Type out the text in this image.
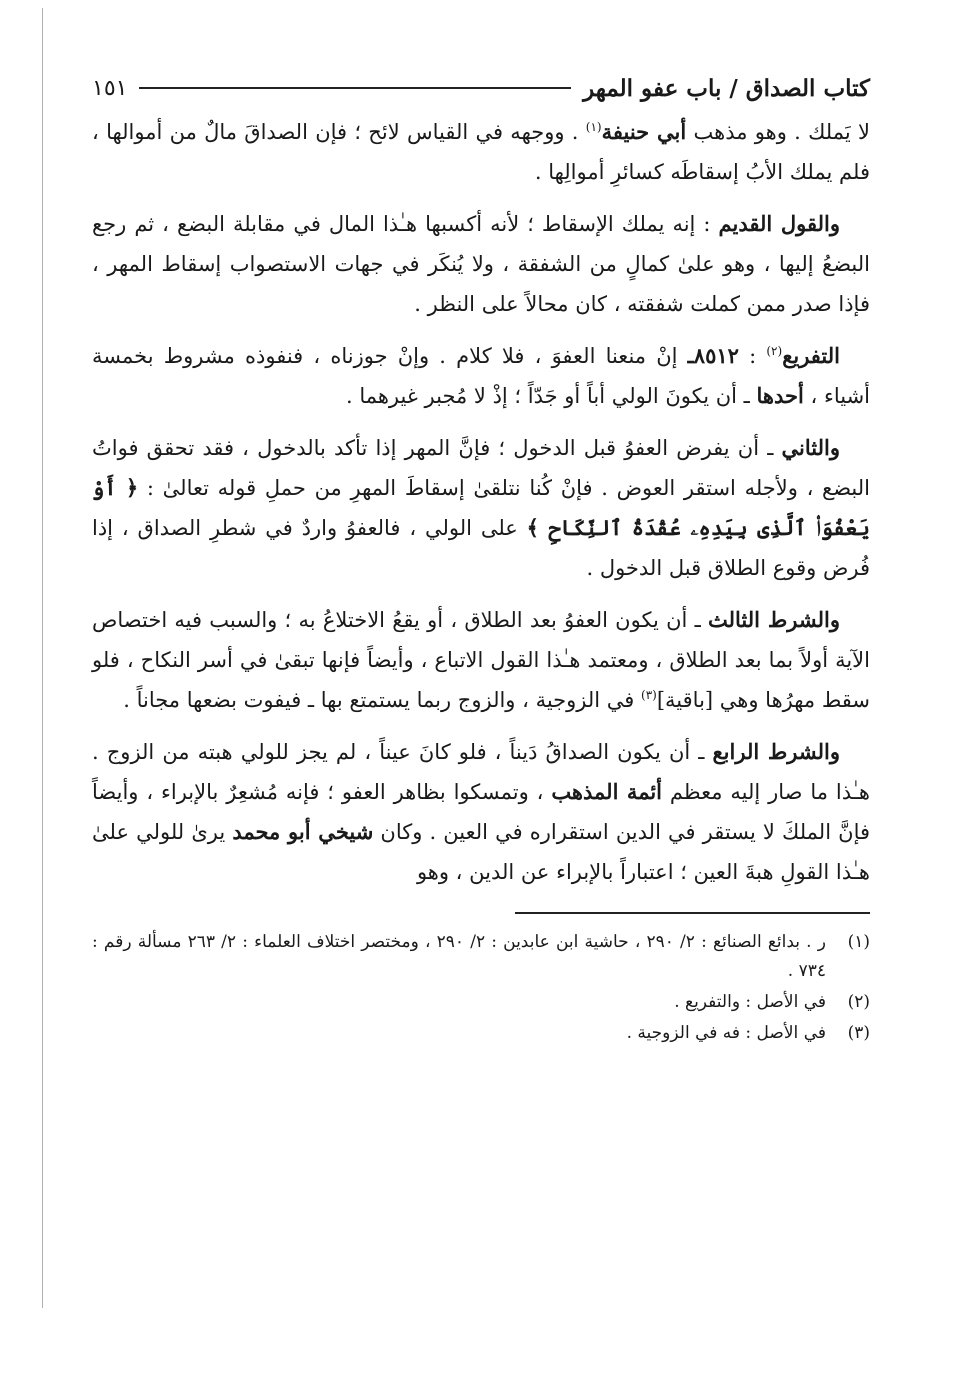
كتاب الصداق / باب عفو المهر
١٥١

لا يَملك . وهو مذهب أبي حنيفة$^{(١)}$ . ووجهه في القياس لائح ؛ فإن الصداقَ مالٌ من أموالها ، فلم يملك الأبُ إسقاطَه كسائرِ أموالِها .

والقول القديم : إنه يملك الإسقاط ؛ لأنه أكسبها هـٰذا المال في مقابلة البضع ، ثم رجع البضعُ إليها ، وهو علىٰ كمالٍ من الشفقة ، ولا يُنكَر في جهات الاستصواب إسقاط المهر ، فإذا صدر ممن كملت شفقته ، كان محالاً على النظر .

التفريع$^{(٢)}$ : ٨٥١٢ـ إنْ منعنا العفوَ ، فلا كلام . وإنْ جوزناه ، فنفوذه مشروط بخمسة أشياء ، أحدها ـ أن يكونَ الولي أباً أو جَدّاً ؛ إذْ لا مُجبر غيرهما .

والثاني ـ أن يفرض العفوُ قبل الدخول ؛ فإنَّ المهر إذا تأكد بالدخول ، فقد تحقق فواتُ البضع ، ولأجله استقر العوض . فإنْ كُنا نتلقىٰ إسقاطَ المهرِ من حملِ قوله تعالىٰ : ﴿ أَوْ يَعْفُوَا۟ ٱلَّذِى بِيَدِهِۦ عُقْدَةُ ٱلنِّكَاحِ ﴾ على الولي ، فالعفوُ واردٌ في شطرِ الصداق ، إذا فُرض وقوع الطلاق قبل الدخول .

والشرط الثالث ـ أن يكون العفوُ بعد الطلاق ، أو يقعُ الاختلاعُ به ؛ والسبب فيه اختصاص الآية أولاً بما بعد الطلاق ، ومعتمد هـٰذا القول الاتباع ، وأيضاً فإنها تبقىٰ في أسر النكاح ، فلو سقط مهرُها وهي [باقية]$^{(٣)}$ في الزوجية ، والزوج ربما يستمتع بها ـ فيفوت بضعها مجاناً .

والشرط الرابع ـ أن يكون الصداقُ دَيناً ، فلو كانَ عيناً ، لم يجز للولي هبته من الزوج . هـٰذا ما صار إليه معظم أئمة المذهب ، وتمسكوا بظاهر العفو ؛ فإنه مُشعِرٌ بالإبراء ، وأيضاً فإنَّ الملكَ لا يستقر في الدين استقراره في العين . وكان شيخي أبو محمد يرىٰ للولي علىٰ هـٰذا القولِ هبةَ العين ؛ اعتباراً بالإبراء عن الدين ، وهو

(١)
ر . بدائع الصنائع : ٢/ ٢٩٠ ، حاشية ابن عابدين : ٢/ ٢٩٠ ، ومختصر اختلاف العلماء : ٢/ ٢٦٣ مسألة رقم : ٧٣٤ .
(٢)
في الأصل : والتفريع .
(٣)
في الأصل : فه في الزوجية .
